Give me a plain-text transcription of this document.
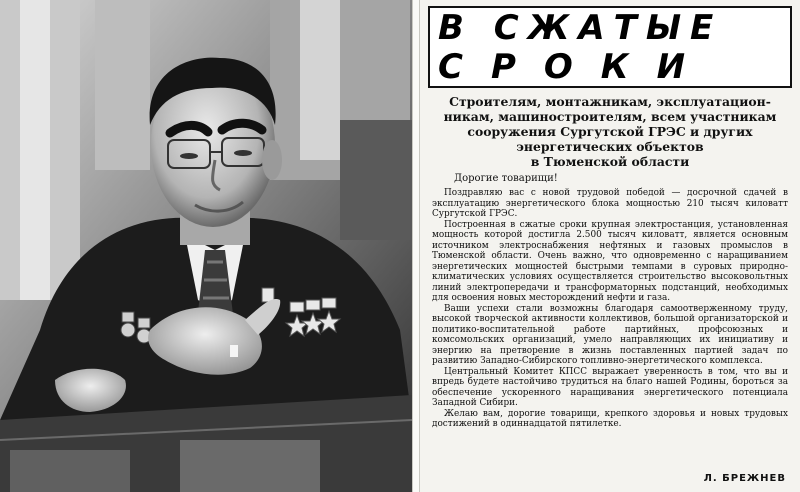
В СЖАТЫЕ
СРОКИ

Строителям, монтажникам, эксплуатацион-

никам, машиностроителям, всем участникам

сооружения Сургутской ГРЭС и других

энергетических объектов

в Тюменской области

Дорогие товарищи!

Поздравляю вас с новой трудовой победой — досрочной сдачей в эксплуатацию энергетического блока мощностью 210 тысяч киловатт Сургутской ГРЭС.

Построенная в сжатые сроки крупная электростанция, установленная мощность которой достигла 2.500 тысяч киловатт, является основным источником электроснабжения нефтяных и газовых промыслов в Тюменской области. Очень важно, что одновременно с наращиванием энергетических мощностей быстрыми темпами в суровых природно-климатических условиях осуществляется строительство высоковольтных линий электропередачи и трансформаторных подстанций, необходимых для освоения новых месторождений нефти и газа.

Ваши успехи стали возможны благодаря самоотверженному труду, высокой творческой активности коллективов, большой организаторской и политико-воспитательной работе партийных, профсоюзных и комсомольских организаций, умело направляющих их инициативу и энергию на претворение в жизнь поставленных партией задач по развитию Западно-Сибирского топливно-энергетического комплекса.

Центральный Комитет КПСС выражает уверенность в том, что вы и впредь будете настойчиво трудиться на благо нашей Родины, бороться за обеспечение ускоренного наращивания энергетического потенциала Западной Сибири.

Желаю вам, дорогие товарищи, крепкого здоровья и новых трудовых достижений в одиннадцатой пятилетке.

Л. БРЕЖНЕВ
